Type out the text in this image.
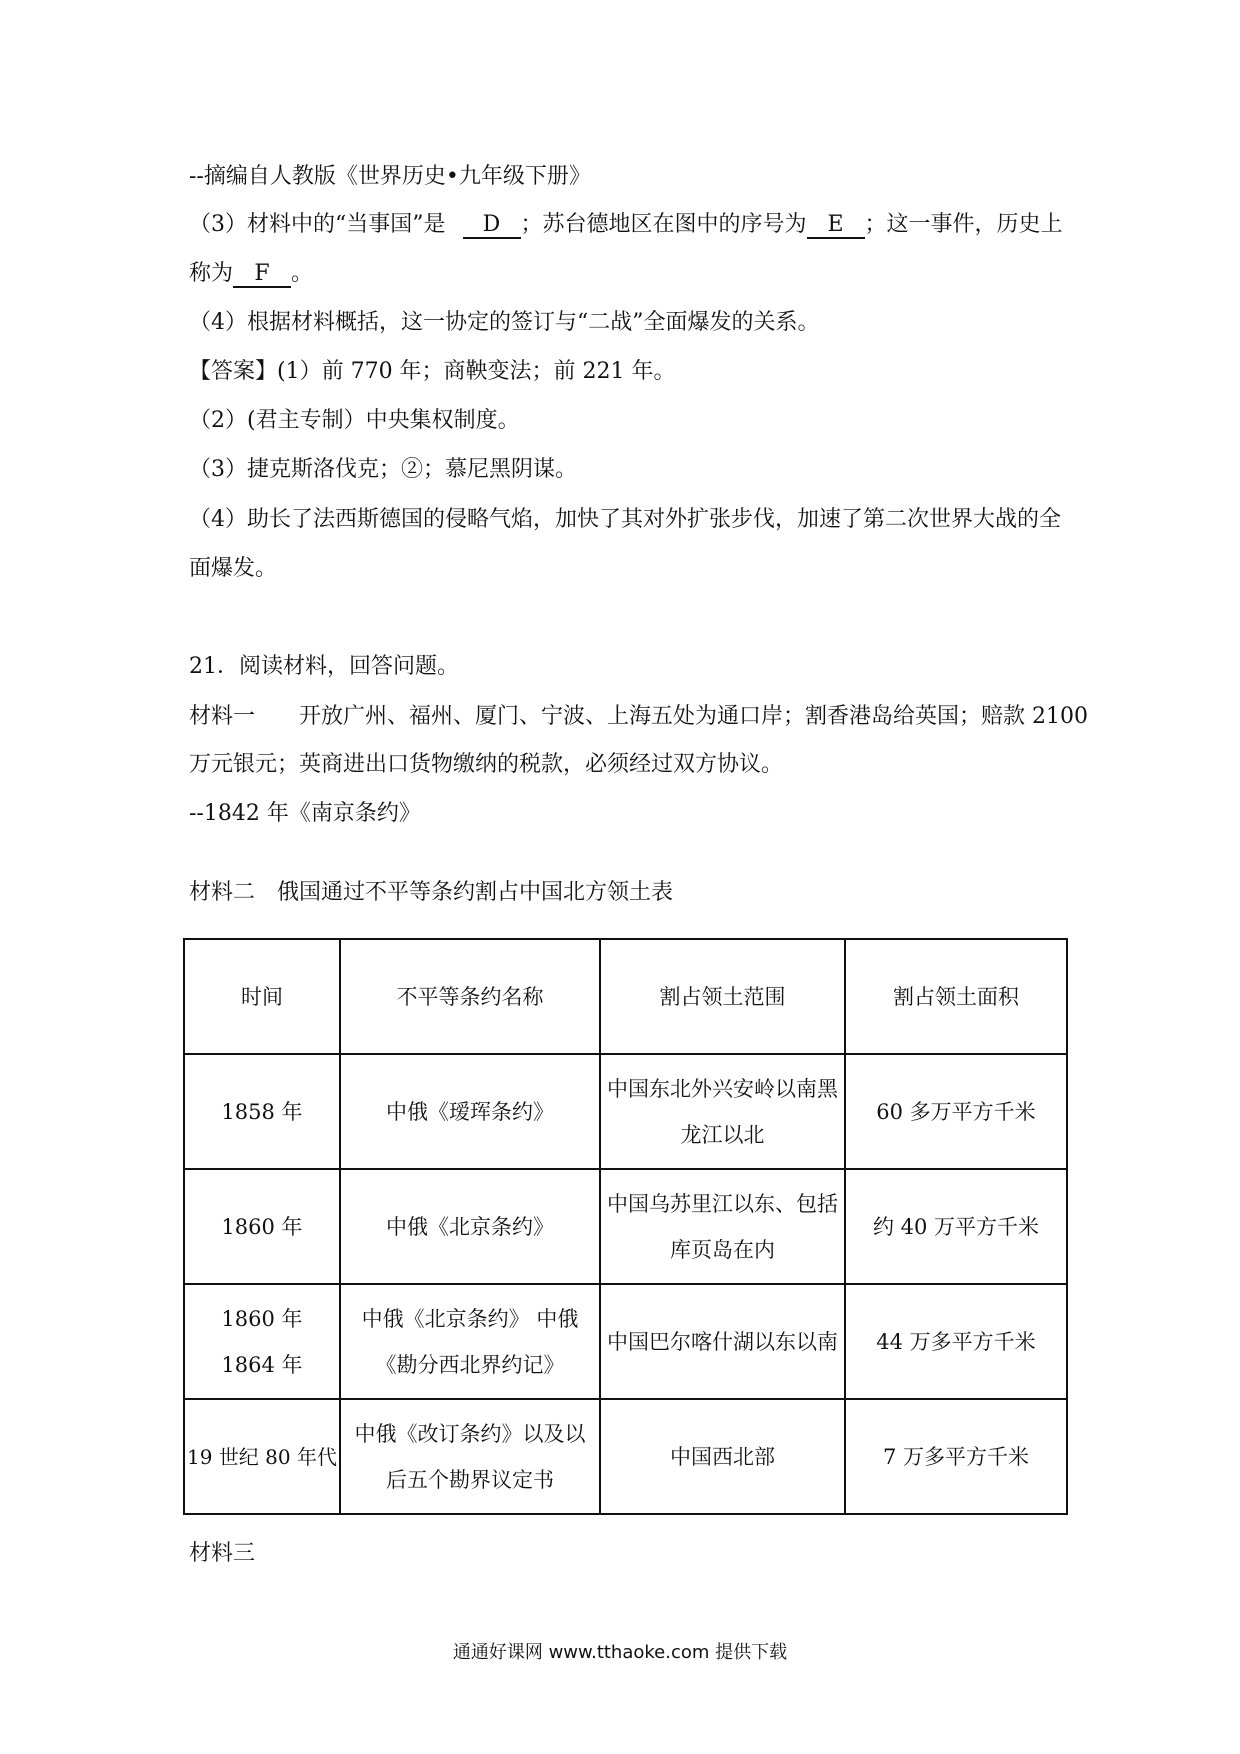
--摘编自人教版《世界历史•九年级下册》
（3）材料中的“当事国”是 D ；苏台德地区在图中的序号为 E ；这一事件，历史上
称为 F 。
（4）根据材料概括，这一协定的签订与“二战”全面爆发的关系。
【答案】(1）前 770 年；商鞅变法；前 221 年。
（2）(君主专制）中央集权制度。
（3）捷克斯洛伐克；②；慕尼黑阴谋。
（4）助长了法西斯德国的侵略气焰，加快了其对外扩张步伐，加速了第二次世界大战的全
面爆发。
21．阅读材料，回答问题。
材料一　　开放广州、福州、厦门、宁波、上海五处为通口岸；割香港岛给英国；赔款 2100
万元银元；英商进出口货物缴纳的税款，必须经过双方协议。
--1842 年《南京条约》
材料二　俄国通过不平等条约割占中国北方领土表
时间	不平等条约名称	割占领土范围	割占领土面积
1858 年	中俄《瑷珲条约》	中国东北外兴安岭以南黑龙江以北	60 多万平方千米
1860 年	中俄《北京条约》	中国乌苏里江以东、包括库页岛在内	约 40 万平方千米
1860 年 1864 年	中俄《北京条约》 中俄《勘分西北界约记》	中国巴尔喀什湖以东以南	44 万多平方千米
19 世纪 80 年代	中俄《改订条约》以及以后五个勘界议定书	中国西北部	7 万多平方千米
材料三
通通好课网 www.tthaoke.com 提供下载
